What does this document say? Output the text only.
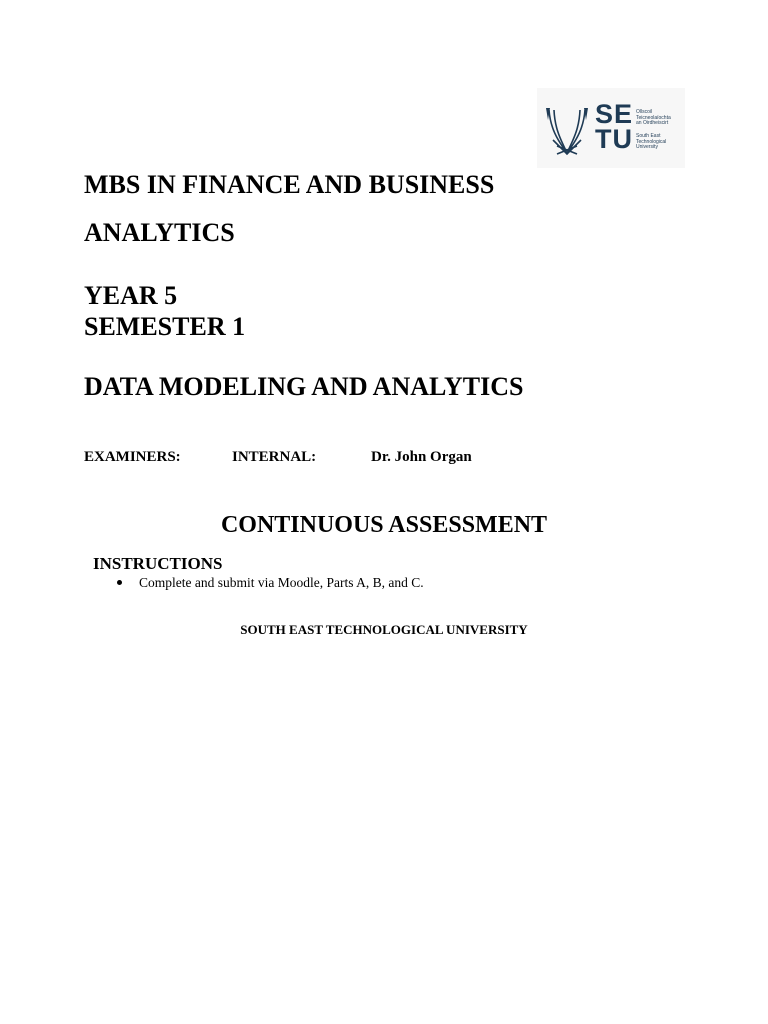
SE
TU
Ollscoil
Teicneolaíochta
an Oirdheiscirt
South East
Technological
University
MBS IN FINANCE AND BUSINESS
ANALYTICS
YEAR 5
SEMESTER 1
DATA MODELING AND ANALYTICS
EXAMINERS:	INTERNAL:	Dr. John Organ
CONTINUOUS ASSESSMENT
INSTRUCTIONS
Complete and submit via Moodle, Parts A, B, and C.

SOUTH EAST TECHNOLOGICAL UNIVERSITY
